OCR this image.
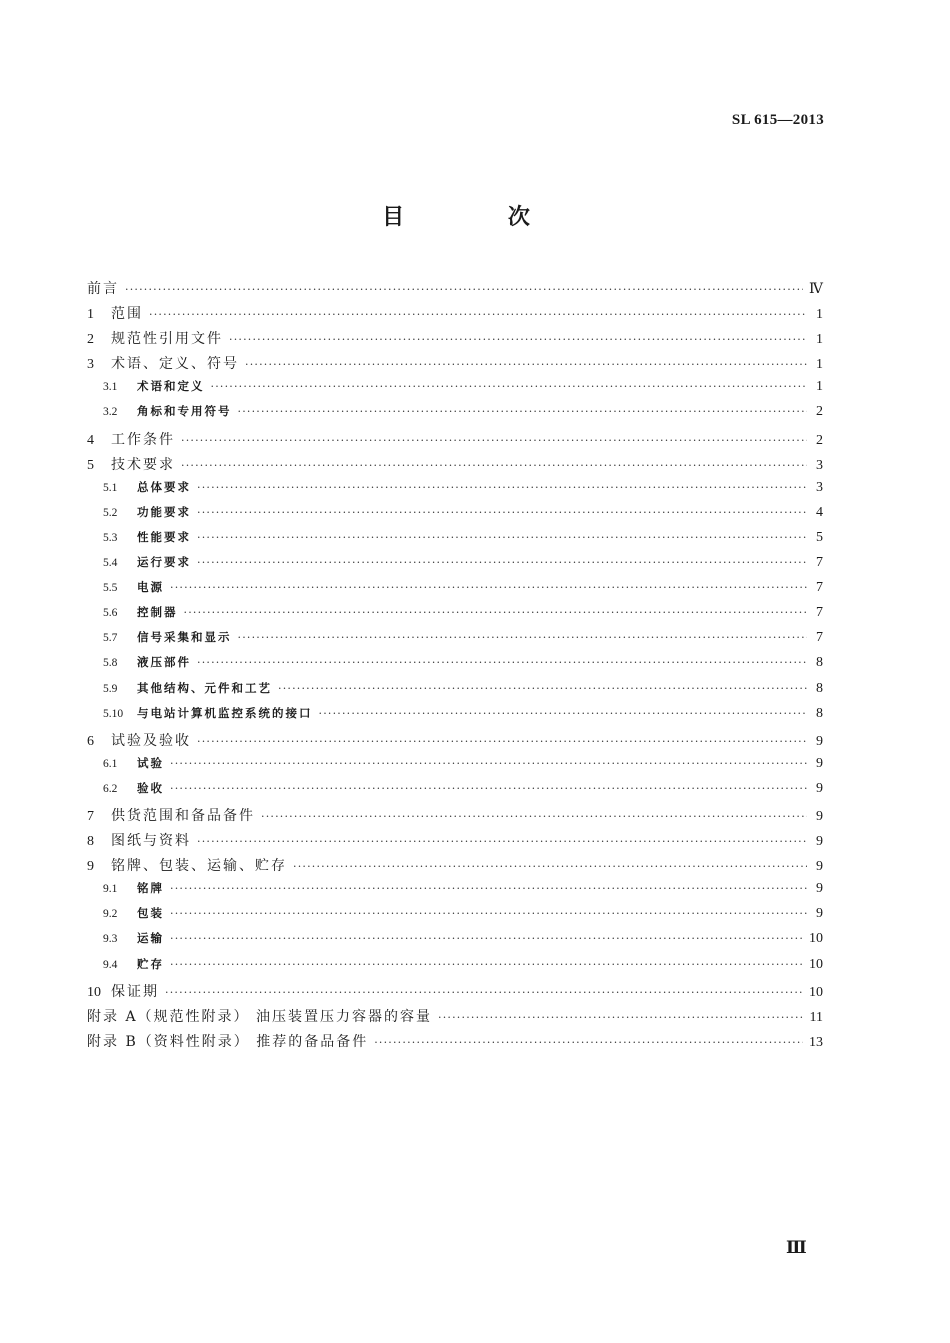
SL 615—2013
目 次
前言 ·····	Ⅳ
1	范围 ·····	1
2	规范性引用文件 ·····	1
3	术语、定义、符号 ·····	1
3.1	术语和定义 ·····	1
3.2	角标和专用符号 ·····	2
4	工作条件 ·····	2
5	技术要求 ·····	3
5.1	总体要求 ·····	3
5.2	功能要求 ·····	4
5.3	性能要求 ·····	5
5.4	运行要求 ·····	7
5.5	电源 ·····	7
5.6	控制器 ·····	7
5.7	信号采集和显示 ·····	7
5.8	液压部件 ·····	8
5.9	其他结构、元件和工艺 ·····	8
5.10	与电站计算机监控系统的接口 ·····	8
6	试验及验收 ·····	9
6.1	试验 ·····	9
6.2	验收 ·····	9
7	供货范围和备品备件 ·····	9
8	图纸与资料 ·····	9
9	铭牌、包装、运输、贮存 ·····	9
9.1	铭牌 ·····	9
9.2	包装 ·····	9
9.3	运输 ·····	10
9.4	贮存 ·····	10
10 保证期 ·····	10
附录 A（规范性附录） 油压装置压力容器的容量 ·····	11
附录 B（资料性附录） 推荐的备品备件 ·····	13
Ⅲ
